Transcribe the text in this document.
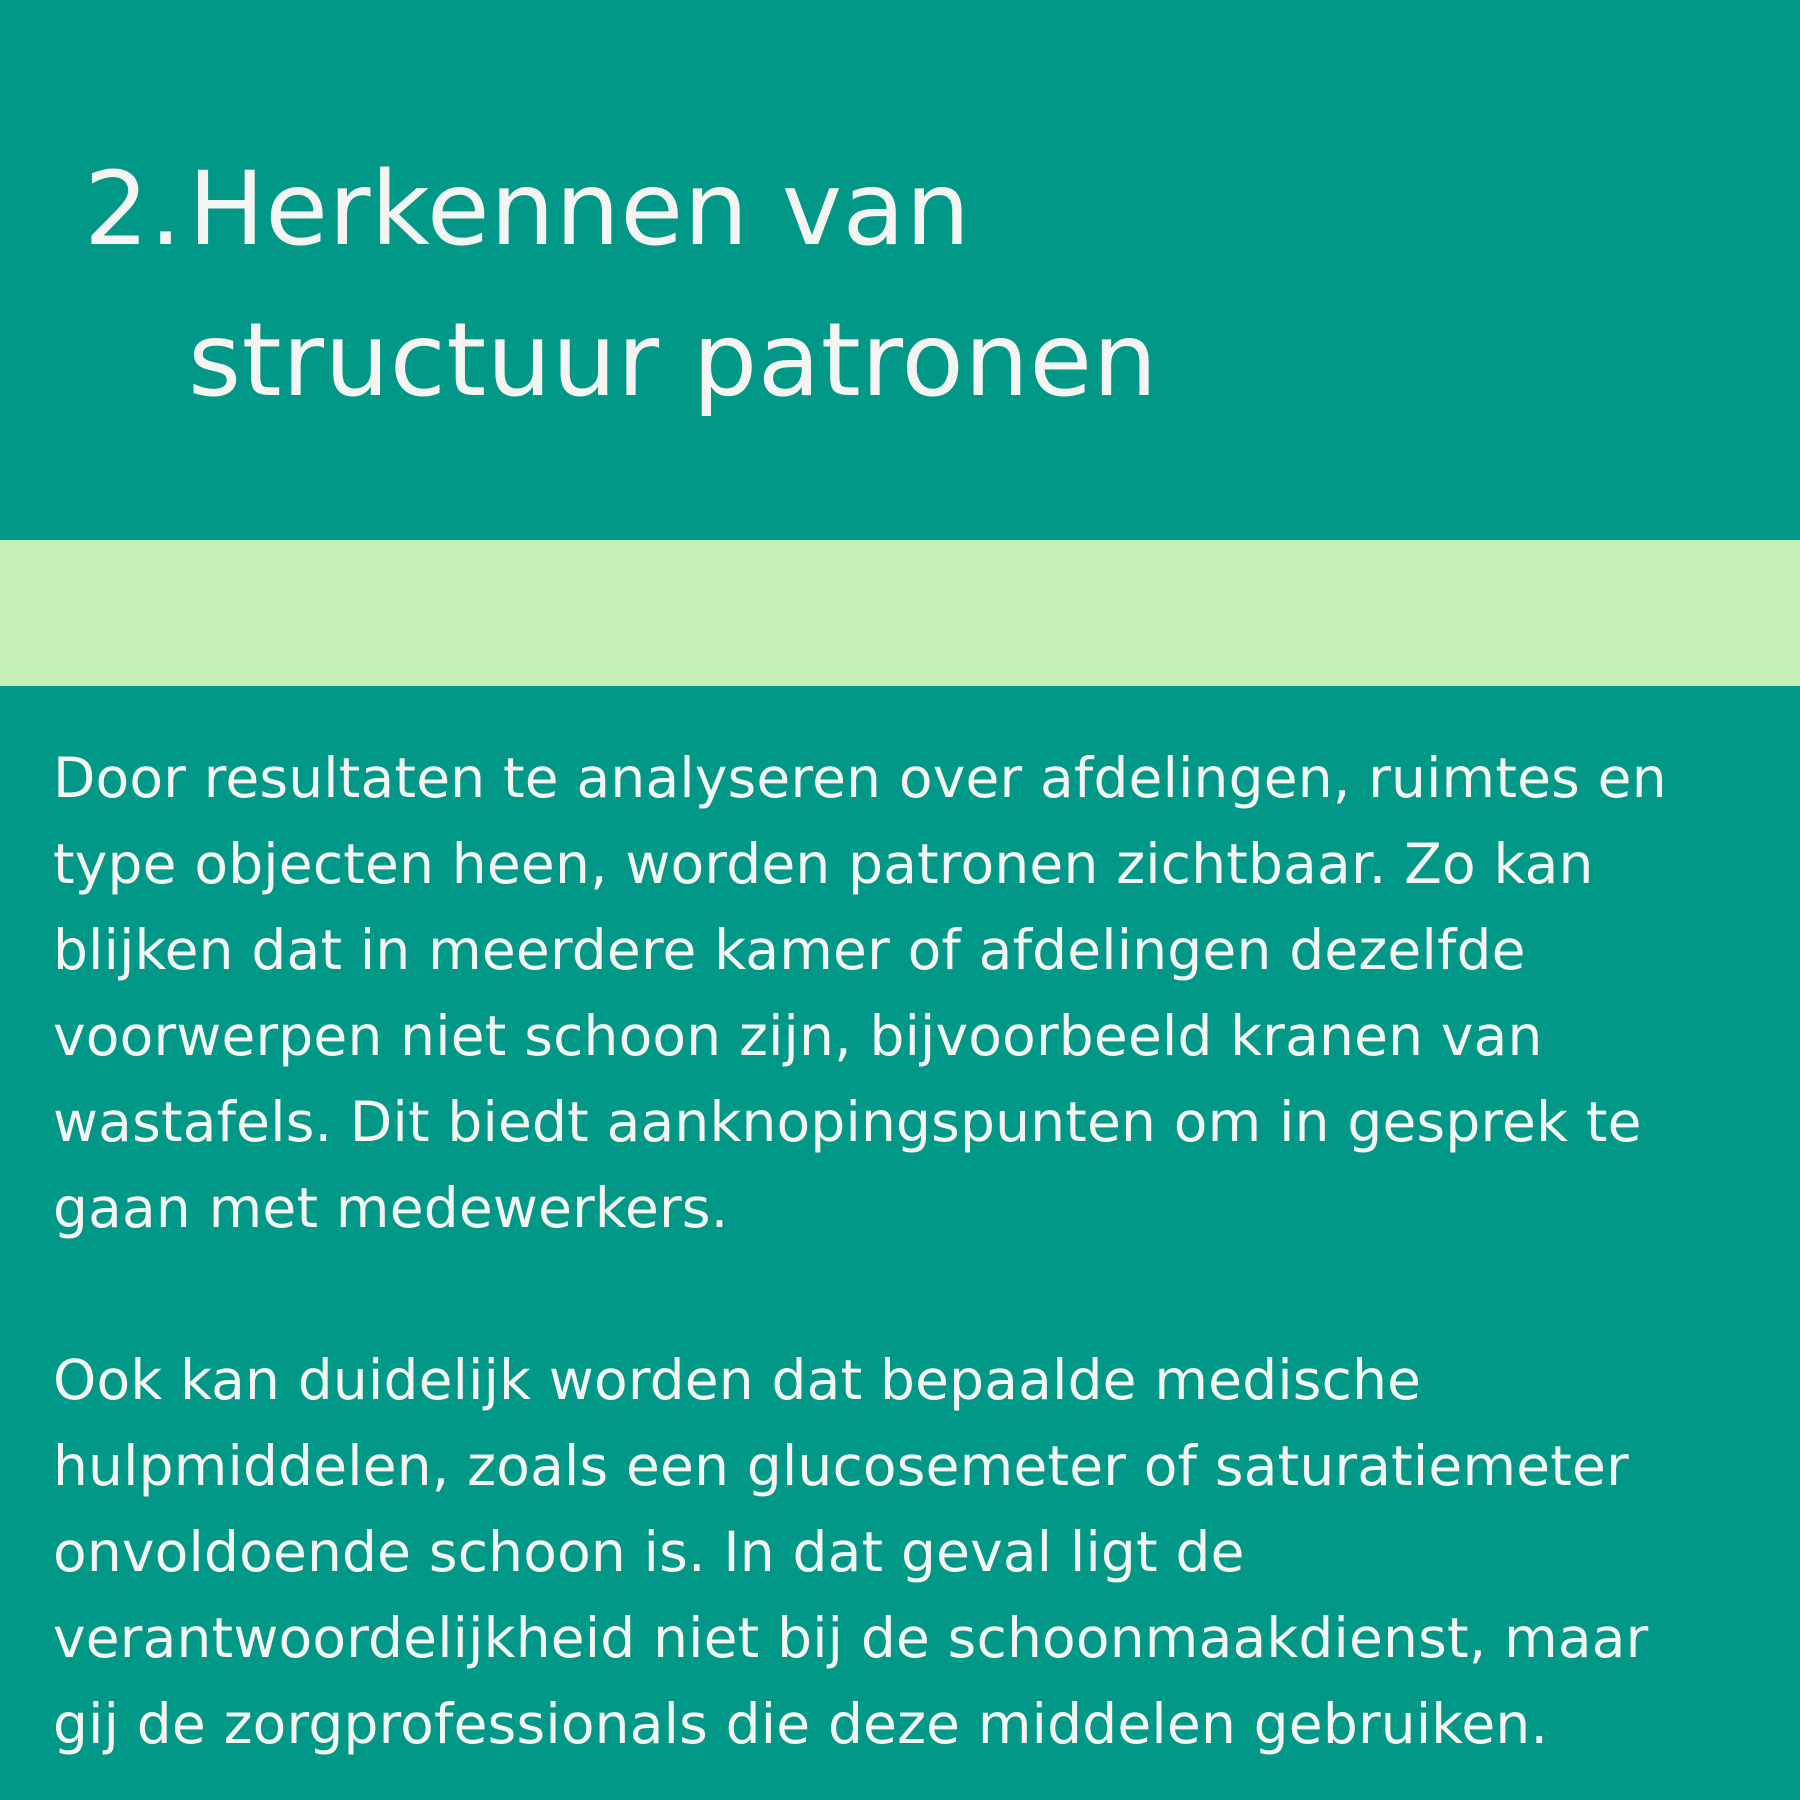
2. Herkennen van
structuur patronen

Door resultaten te analyseren over afdelingen, ruimtes en
type objecten heen, worden patronen zichtbaar. Zo kan
blijken dat in meerdere kamer of afdelingen dezelfde
voorwerpen niet schoon zijn, bijvoorbeeld kranen van
wastafels. Dit biedt aanknopingspunten om in gesprek te
gaan met medewerkers.

Ook kan duidelijk worden dat bepaalde medische
hulpmiddelen, zoals een glucosemeter of saturatiemeter
onvoldoende schoon is. In dat geval ligt de
verantwoordelijkheid niet bij de schoonmaakdienst, maar
gij de zorgprofessionals die deze middelen gebruiken.
